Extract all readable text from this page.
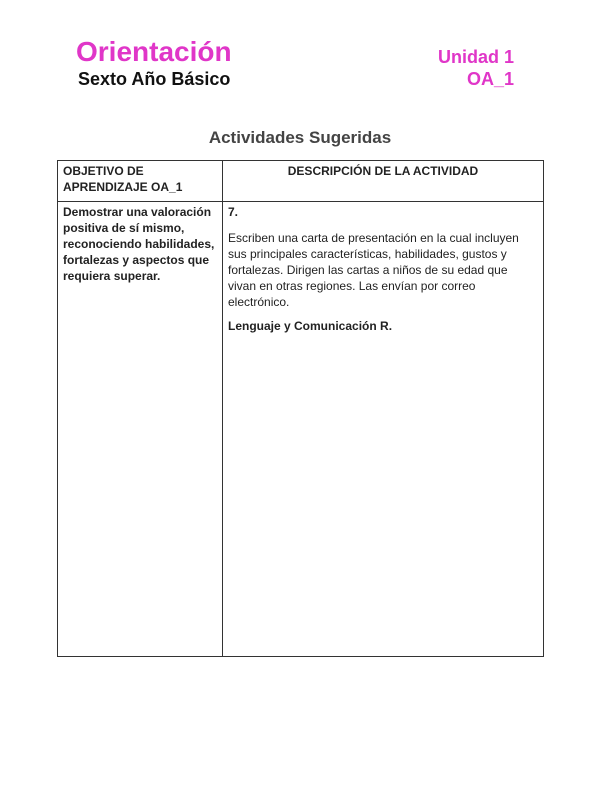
Orientación
Sexto Año Básico
Unidad 1
OA_1
Actividades Sugeridas
OBJETIVO DE APRENDIZAJE OA_1	DESCRIPCIÓN DE LA ACTIVIDAD
Demostrar una valoración positiva de sí mismo, reconociendo habilidades, fortalezas y aspectos que requiera superar.	7.
Escriben una carta de presentación en la cual incluyen sus principales características, habilidades, gustos y fortalezas. Dirigen las cartas a niños de su edad que vivan en otras regiones. Las envían por correo electrónico.
Lenguaje y Comunicación R.
